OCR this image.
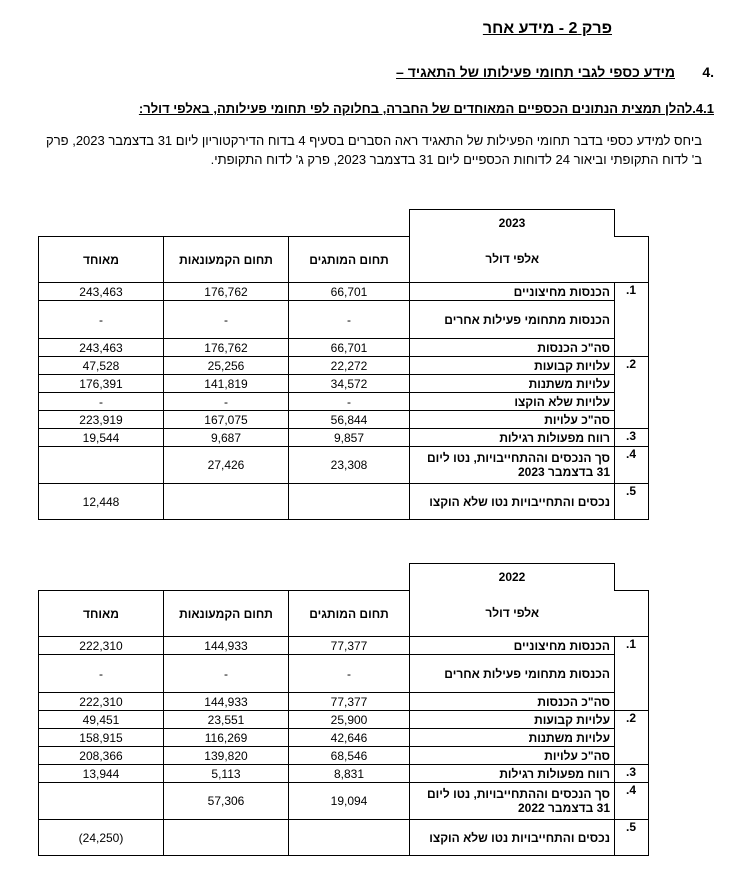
פרק 2 - מידע אחר
4.
מידע כספי לגבי תחומי פעילותו של התאגיד –
4.1.להלן תמצית הנתונים הכספיים המאוחדים של החברה, בחלוקה לפי תחומי פעילותה, באלפי דולר:
ביחס למידע כספי בדבר תחומי הפעילות של התאגיד ראה הסברים בסעיף 4 בדוח הדירקטוריון ליום 31 בדצמבר 2023, פרק ב' לדוח התקופתי וביאור 24 לדוחות הכספיים ליום 31 בדצמבר 2023, פרק ג' לדוח התקופתי.
	2023			
	אלפי דולר	תחום המותגים	תחום הקמעונאות	מאוחד
1.	הכנסות מחיצוניים	66,701	176,762	243,463
	הכנסות מתחומי פעילות אחרים	-	-	-
	סה"כ הכנסות	66,701	176,762	243,463
2.	עלויות קבועות	22,272	25,256	47,528
	עלויות משתנות	34,572	141,819	176,391
	עלויות שלא הוקצו	-	-	-
	סה"כ עלויות	56,844	167,075	223,919
3.	רווח מפעולות רגילות	9,857	9,687	19,544
4.	סך הנכסים וההתחייבויות, נטו ליום 31 בדצמבר 2023	23,308	27,426	
5.	נכסים והתחייבויות נטו שלא הוקצו			12,448
	2022			
	אלפי דולר	תחום המותגים	תחום הקמעונאות	מאוחד
1.	הכנסות מחיצוניים	77,377	144,933	222,310
	הכנסות מתחומי פעילות אחרים	-	-	-
	סה"כ הכנסות	77,377	144,933	222,310
2.	עלויות קבועות	25,900	23,551	49,451
	עלויות משתנות	42,646	116,269	158,915
	סה"כ עלויות	68,546	139,820	208,366
3.	רווח מפעולות רגילות	8,831	5,113	13,944
4.	סך הנכסים וההתחייבויות, נטו ליום 31 בדצמבר 2022	19,094	57,306	
5.	נכסים והתחייבויות נטו שלא הוקצו			(24,250)
